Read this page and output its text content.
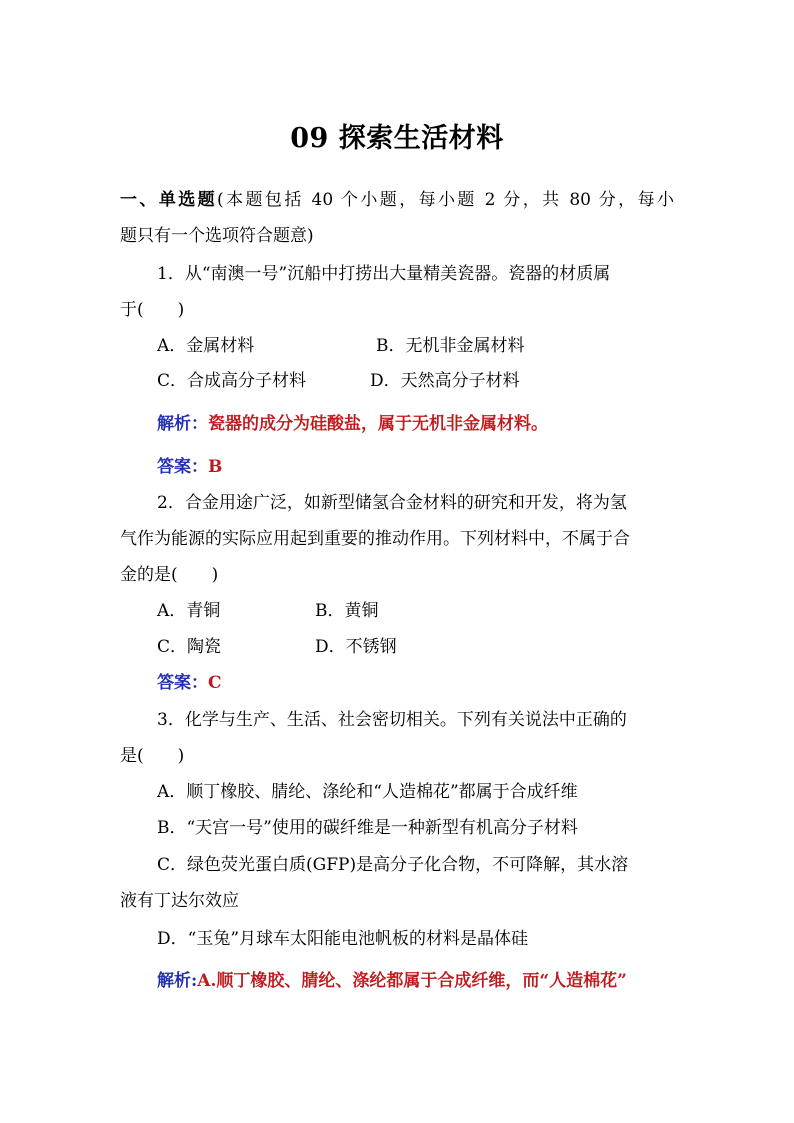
09 探索生活材料
一、单选题(本题包括 40 个小题，每小题 2 分，共 80 分，每小
题只有一个选项符合题意)
1．从“南澳一号”沉船中打捞出大量精美瓷器。瓷器的材质属
于( )
A．金属材料	B．无机非金属材料
C．合成高分子材料	D．天然高分子材料
解析：瓷器的成分为硅酸盐，属于无机非金属材料。
答案：B
2．合金用途广泛，如新型储氢合金材料的研究和开发，将为氢
气作为能源的实际应用起到重要的推动作用。下列材料中，不属于合
金的是( )
A．青铜	B．黄铜
C．陶瓷	D．不锈钢
答案：C
3．化学与生产、生活、社会密切相关。下列有关说法中正确的
是( )
A．顺丁橡胶、腈纶、涤纶和“人造棉花”都属于合成纤维
B．“天宫一号”使用的碳纤维是一种新型有机高分子材料
C．绿色荧光蛋白质(GFP)是高分子化合物，不可降解，其水溶
液有丁达尔效应
D．“玉兔”月球车太阳能电池帆板的材料是晶体硅
解析:A.顺丁橡胶、腈纶、涤纶都属于合成纤维，而“人造棉花”
